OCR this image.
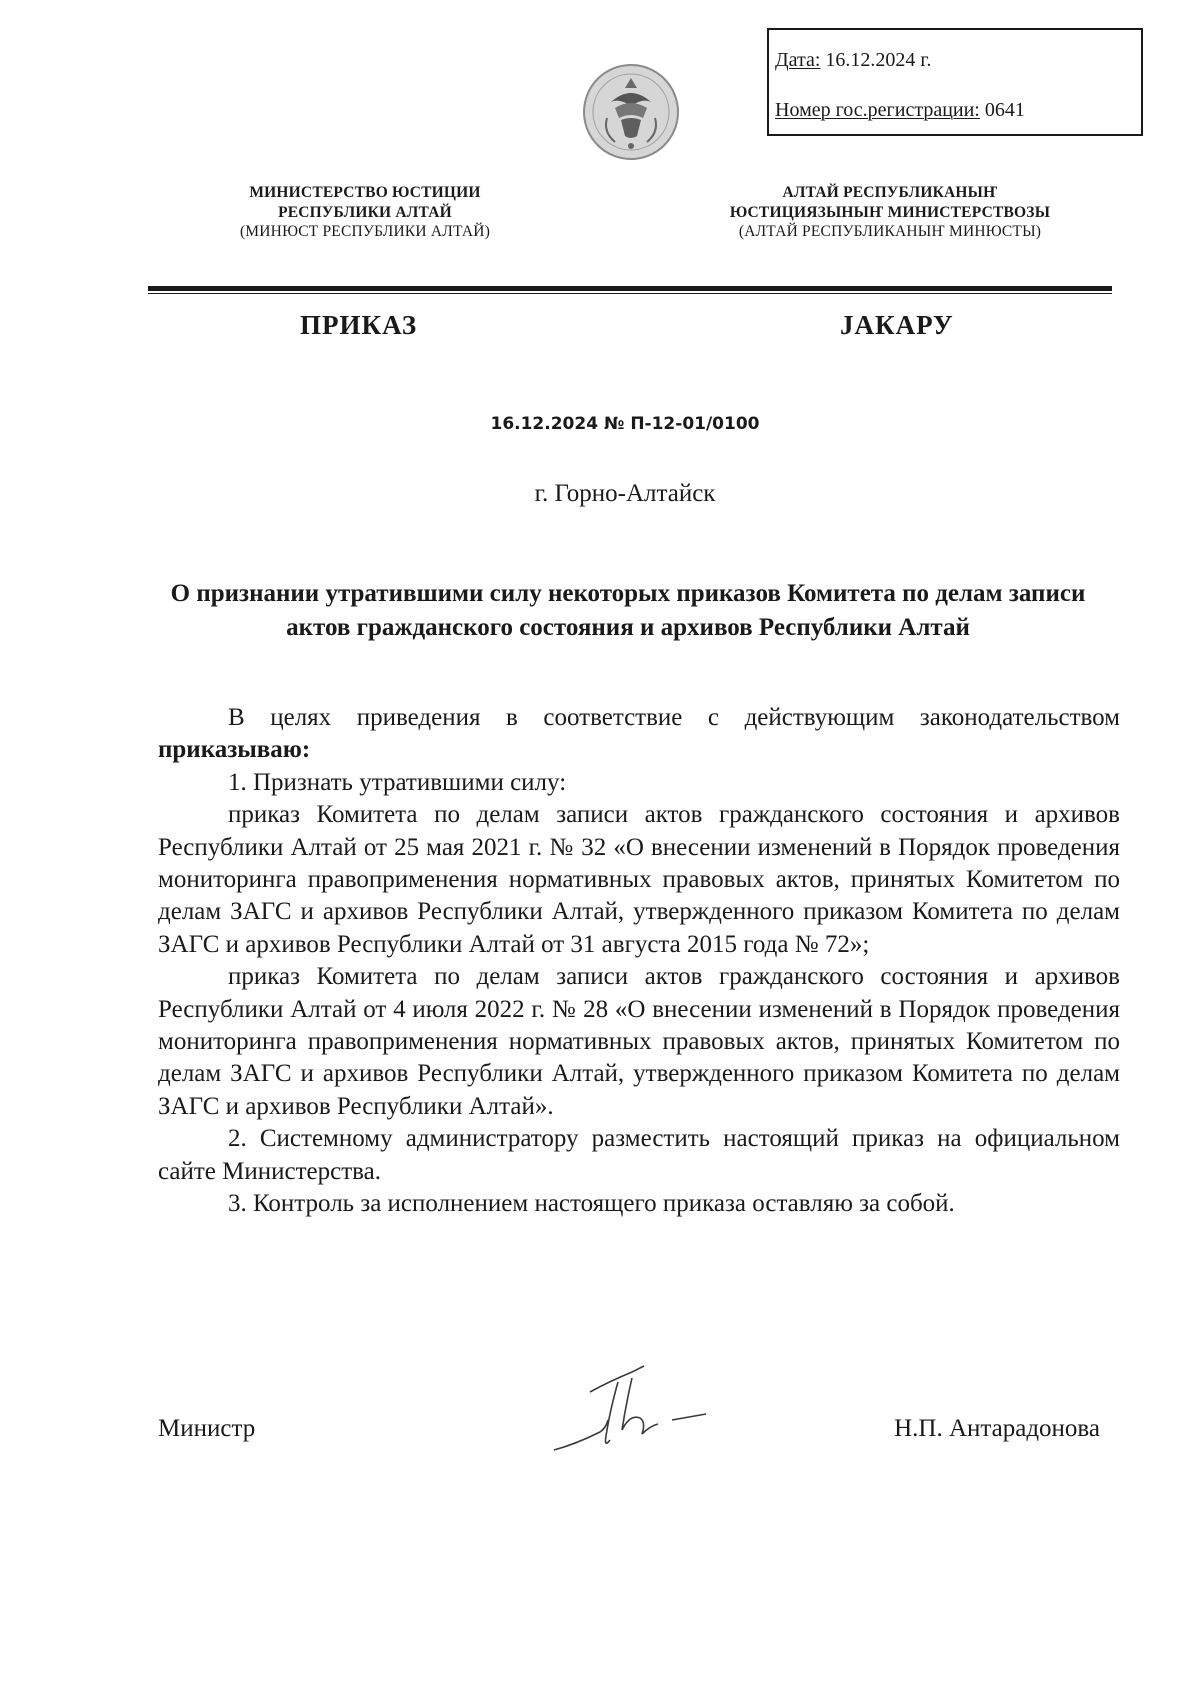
Дата: 16.12.2024 г.
Номер гос.регистрации: 0641
МИНИСТЕРСТВО ЮСТИЦИИ
РЕСПУБЛИКИ АЛТАЙ
(МИНЮСТ РЕСПУБЛИКИ АЛТАЙ)
АЛТАЙ РЕСПУБЛИКАНЫҤ
ЮСТИЦИЯЗЫНЫҤ МИНИСТЕРСТВОЗЫ
(АЛТАЙ РЕСПУБЛИКАНЫҤ МИНЮСТЫ)
ПРИКАЗ	ЈАКАРУ
16.12.2024 № П-12-01/0100
г. Горно-Алтайск
О признании утратившими силу некоторых приказов Комитета по делам записи актов гражданского состояния и архивов Республики Алтай

В целях приведения в соответствие с действующим законодательством приказываю:

1. Признать утратившими силу:

приказ Комитета по делам записи актов гражданского состояния и архивов Республики Алтай от 25 мая 2021 г. № 32 «О внесении изменений в Порядок проведения мониторинга правоприменения нормативных правовых актов, принятых Комитетом по делам ЗАГС и архивов Республики Алтай, утвержденного приказом Комитета по делам ЗАГС и архивов Республики Алтай от 31 августа 2015 года № 72»;

приказ Комитета по делам записи актов гражданского состояния и архивов Республики Алтай от 4 июля 2022 г. № 28 «О внесении изменений в Порядок проведения мониторинга правоприменения нормативных правовых актов, принятых Комитетом по делам ЗАГС и архивов Республики Алтай, утвержденного приказом Комитета по делам ЗАГС и архивов Республики Алтай».

2. Системному администратору разместить настоящий приказ на официальном сайте Министерства.

3. Контроль за исполнением настоящего приказа оставляю за собой.

Министр	Н.П. Антарадонова
